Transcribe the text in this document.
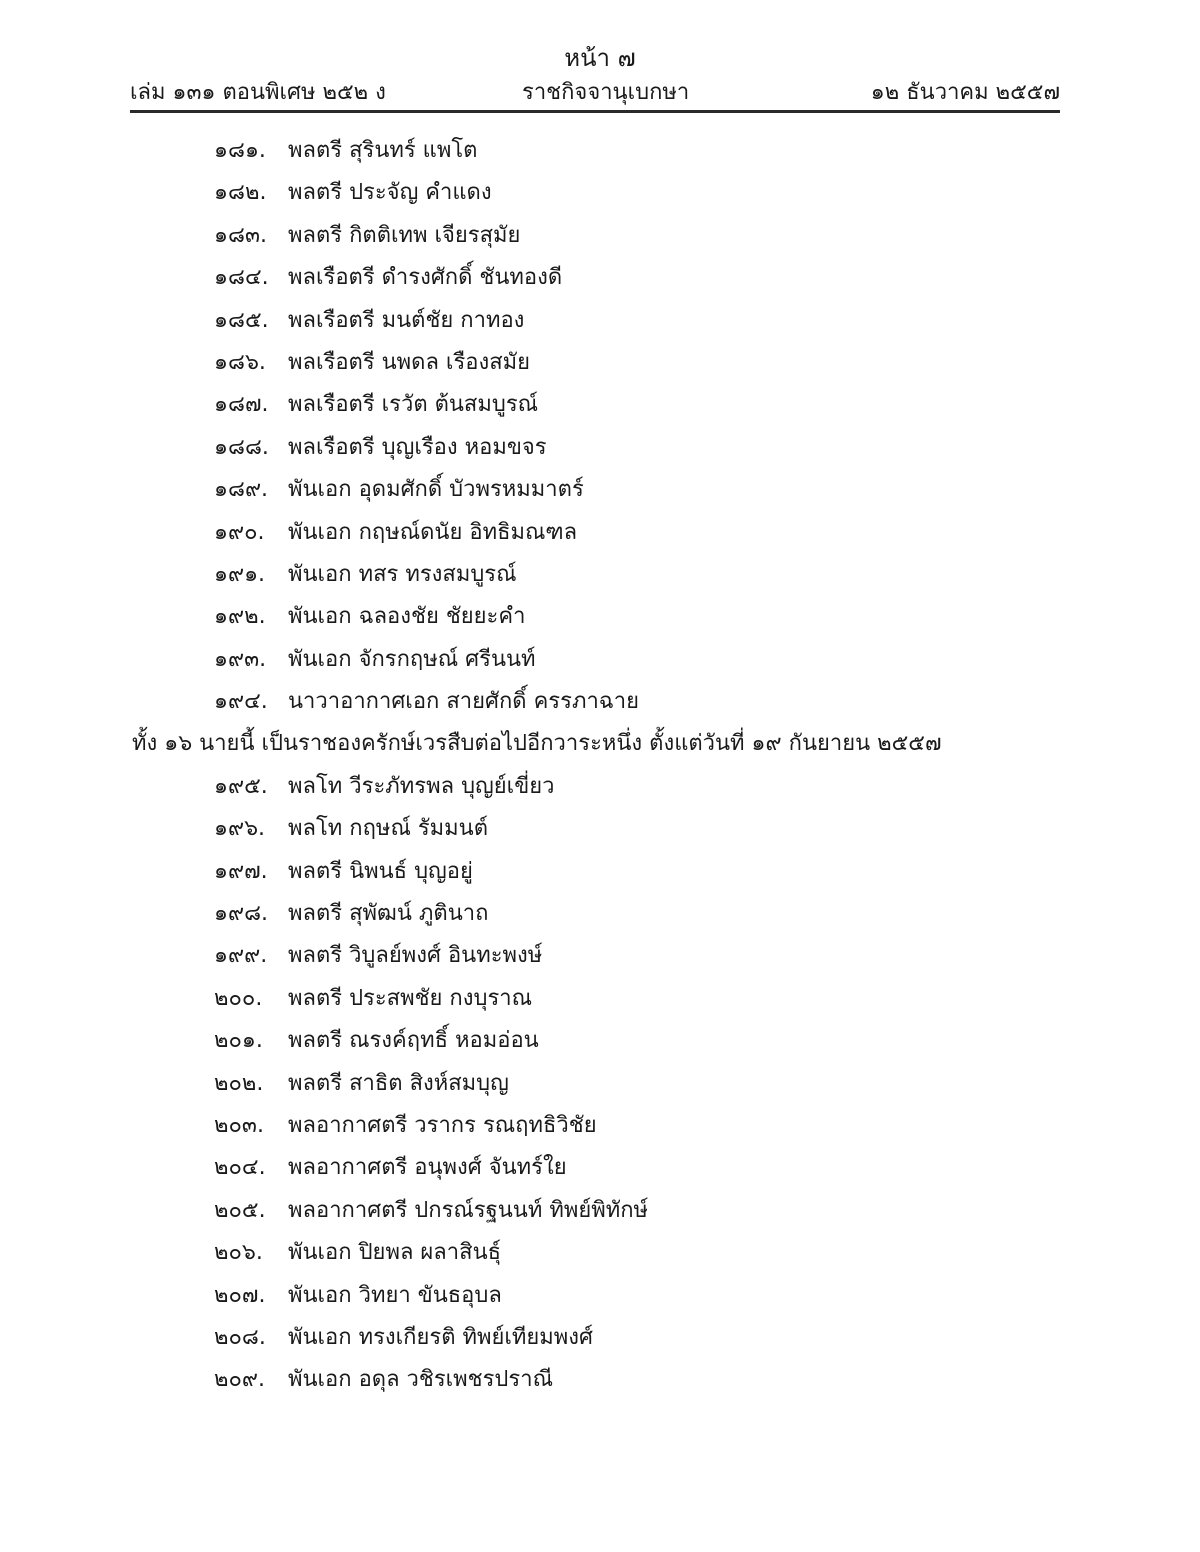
หน้า ๗
เล่ม ๑๓๑ ตอนพิเศษ ๒๕๒ ง	ราชกิจจานุเบกษา	๑๒ ธันวาคม ๒๕๕๗
๑๘๑. พลตรี สุรินทร์ แพโต
๑๘๒. พลตรี ประจัญ คำแดง
๑๘๓. พลตรี กิตติเทพ เจียรสุมัย
๑๘๔. พลเรือตรี ดำรงศักดิ์ ชันทองดี
๑๘๕. พลเรือตรี มนต์ชัย กาทอง
๑๘๖. พลเรือตรี นพดล เรืองสมัย
๑๘๗. พลเรือตรี เรวัต ต้นสมบูรณ์
๑๘๘. พลเรือตรี บุญเรือง หอมขจร
๑๘๙. พันเอก อุดมศักดิ์ บัวพรหมมาตร์
๑๙๐. พันเอก กฤษณ์ดนัย อิทธิมณฑล
๑๙๑. พันเอก ทสร ทรงสมบูรณ์
๑๙๒. พันเอก ฉลองชัย ชัยยะคำ
๑๙๓. พันเอก จักรกฤษณ์ ศรีนนท์
๑๙๔. นาวาอากาศเอก สายศักดิ์ ครรภาฉาย
ทั้ง ๑๖ นายนี้ เป็นราชองครักษ์เวรสืบต่อไปอีกวาระหนึ่ง ตั้งแต่วันที่ ๑๙ กันยายน ๒๕๕๗
๑๙๕. พลโท วีระภัทรพล บุญย์เขี่ยว
๑๙๖. พลโท กฤษณ์ รัมมนต์
๑๙๗. พลตรี นิพนธ์ บุญอยู่
๑๙๘. พลตรี สุพัฒน์ ภูตินาถ
๑๙๙. พลตรี วิบูลย์พงศ์ อินทะพงษ์
๒๐๐. พลตรี ประสพชัย กงบุราณ
๒๐๑. พลตรี ณรงค์ฤทธิ์ หอมอ่อน
๒๐๒. พลตรี สาธิต สิงห์สมบุญ
๒๐๓. พลอากาศตรี วรากร รณฤทธิวิชัย
๒๐๔. พลอากาศตรี อนุพงศ์ จันทร์ใย
๒๐๕. พลอากาศตรี ปกรณ์รฐนนท์ ทิพย์พิทักษ์
๒๐๖. พันเอก ปิยพล ผลาสินธุ์
๒๐๗. พันเอก วิทยา ขันธอุบล
๒๐๘. พันเอก ทรงเกียรติ ทิพย์เทียมพงศ์
๒๐๙. พันเอก อดุล วชิรเพชรปราณี
